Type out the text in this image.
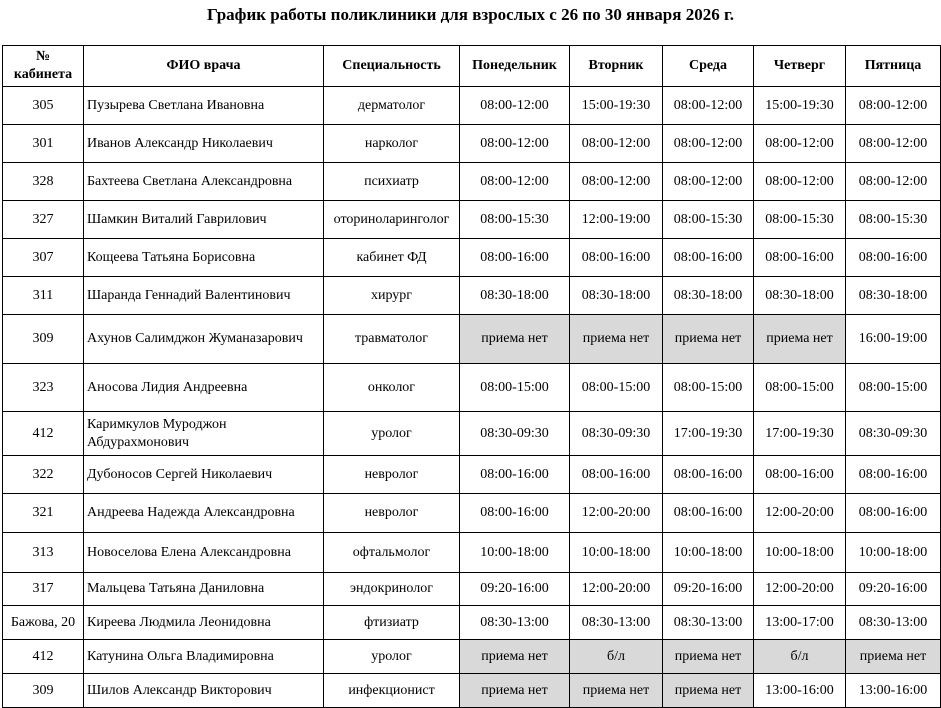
График работы поликлиники для взрослых с 26 по 30 января 2026 г.
№
кабинета	ФИО врача	Специальность	Понедельник	Вторник	Среда	Четверг	Пятница
305	Пузырева Светлана Ивановна	дерматолог	08:00-12:00	15:00-19:30	08:00-12:00	15:00-19:30	08:00-12:00
301	Иванов Александр Николаевич	нарколог	08:00-12:00	08:00-12:00	08:00-12:00	08:00-12:00	08:00-12:00
328	Бахтеева Светлана Александровна	психиатр	08:00-12:00	08:00-12:00	08:00-12:00	08:00-12:00	08:00-12:00
327	Шамкин Виталий Гаврилович	оториноларинголог	08:00-15:30	12:00-19:00	08:00-15:30	08:00-15:30	08:00-15:30
307	Кощеева Татьяна Борисовна	кабинет ФД	08:00-16:00	08:00-16:00	08:00-16:00	08:00-16:00	08:00-16:00
311	Шаранда Геннадий Валентинович	хирург	08:30-18:00	08:30-18:00	08:30-18:00	08:30-18:00	08:30-18:00
309	Ахунов Салимджон Жуманазарович	травматолог	приема нет	приема нет	приема нет	приема нет	16:00-19:00
323	Аносова Лидия Андреевна	онколог	08:00-15:00	08:00-15:00	08:00-15:00	08:00-15:00	08:00-15:00
412	Каримкулов Муроджон Абдурахмонович	уролог	08:30-09:30	08:30-09:30	17:00-19:30	17:00-19:30	08:30-09:30
322	Дубоносов Сергей Николаевич	невролог	08:00-16:00	08:00-16:00	08:00-16:00	08:00-16:00	08:00-16:00
321	Андреева Надежда Александровна	невролог	08:00-16:00	12:00-20:00	08:00-16:00	12:00-20:00	08:00-16:00
313	Новоселова Елена Александровна	офтальмолог	10:00-18:00	10:00-18:00	10:00-18:00	10:00-18:00	10:00-18:00
317	Мальцева Татьяна Даниловна	эндокринолог	09:20-16:00	12:00-20:00	09:20-16:00	12:00-20:00	09:20-16:00
Бажова, 20	Киреева Людмила Леонидовна	фтизиатр	08:30-13:00	08:30-13:00	08:30-13:00	13:00-17:00	08:30-13:00
412	Катунина Ольга Владимировна	уролог	приема нет	б/л	приема нет	б/л	приема нет
309	Шилов Александр Викторович	инфекционист	приема нет	приема нет	приема нет	13:00-16:00	13:00-16:00
